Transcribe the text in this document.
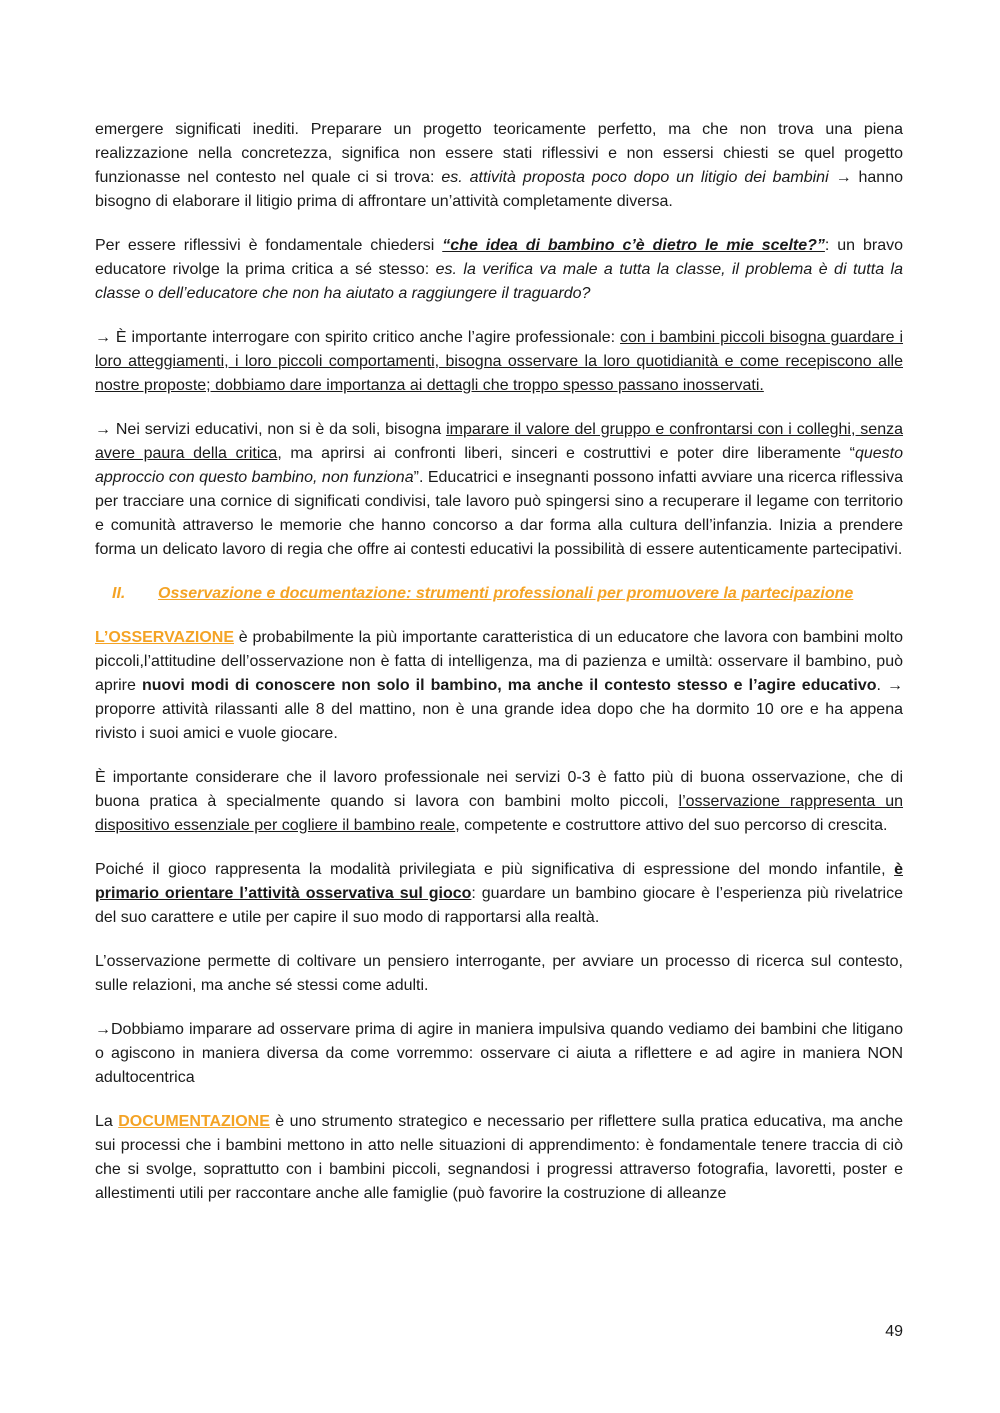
emergere significati inediti. Preparare un progetto teoricamente perfetto, ma che non trova una piena realizzazione nella concretezza, significa non essere stati riflessivi e non essersi chiesti se quel progetto funzionasse nel contesto nel quale ci si trova: es. attività proposta poco dopo un litigio dei bambini → hanno bisogno di elaborare il litigio prima di affrontare un’attività completamente diversa.

Per essere riflessivi è fondamentale chiedersi “che idea di bambino c’è dietro le mie scelte?”: un bravo educatore rivolge la prima critica a sé stesso: es. la verifica va male a tutta la classe, il problema è di tutta la classe o dell’educatore che non ha aiutato a raggiungere il traguardo?

→ È importante interrogare con spirito critico anche l’agire professionale: con i bambini piccoli bisogna guardare i loro atteggiamenti, i loro piccoli comportamenti, bisogna osservare la loro quotidianità e come recepiscono alle nostre proposte; dobbiamo dare importanza ai dettagli che troppo spesso passano inosservati.

→ Nei servizi educativi, non si è da soli, bisogna imparare il valore del gruppo e confrontarsi con i colleghi, senza avere paura della critica, ma aprirsi ai confronti liberi, sinceri e costruttivi e poter dire liberamente “questo approccio con questo bambino, non funziona”. Educatrici e insegnanti possono infatti avviare una ricerca riflessiva per tracciare una cornice di significati condivisi, tale lavoro può spingersi sino a recuperare il legame con territorio e comunità attraverso le memorie che hanno concorso a dar forma alla cultura dell’infanzia. Inizia a prendere forma un delicato lavoro di regia che offre ai contesti educativi la possibilità di essere autenticamente partecipativi.

II.	Osservazione e documentazione: strumenti professionali per promuovere la partecipazione

L’OSSERVAZIONE è probabilmente la più importante caratteristica di un educatore che lavora con bambini molto piccoli,l’attitudine dell’osservazione non è fatta di intelligenza, ma di pazienza e umiltà: osservare il bambino, può aprire nuovi modi di conoscere non solo il bambino, ma anche il contesto stesso e l’agire educativo. → proporre attività rilassanti alle 8 del mattino, non è una grande idea dopo che ha dormito 10 ore e ha appena rivisto i suoi amici e vuole giocare.

È importante considerare che il lavoro professionale nei servizi 0-3 è fatto più di buona osservazione, che di buona pratica à specialmente quando si lavora con bambini molto piccoli, l’osservazione rappresenta un dispositivo essenziale per cogliere il bambino reale, competente e costruttore attivo del suo percorso di crescita.

Poiché il gioco rappresenta la modalità privilegiata e più significativa di espressione del mondo infantile, è primario orientare l’attività osservativa sul gioco: guardare un bambino giocare è l’esperienza più rivelatrice del suo carattere e utile per capire il suo modo di rapportarsi alla realtà.

L’osservazione permette di coltivare un pensiero interrogante, per avviare un processo di ricerca sul contesto, sulle relazioni, ma anche sé stessi come adulti.

→Dobbiamo imparare ad osservare prima di agire in maniera impulsiva quando vediamo dei bambini che litigano o agiscono in maniera diversa da come vorremmo: osservare ci aiuta a riflettere e ad agire in maniera NON adultocentrica

La DOCUMENTAZIONE è uno strumento strategico e necessario per riflettere sulla pratica educativa, ma anche sui processi che i bambini mettono in atto nelle situazioni di apprendimento: è fondamentale tenere traccia di ciò che si svolge, soprattutto con i bambini piccoli, segnandosi i progressi attraverso fotografia, lavoretti, poster e allestimenti utili per raccontare anche alle famiglie (può favorire la costruzione di alleanze

49
